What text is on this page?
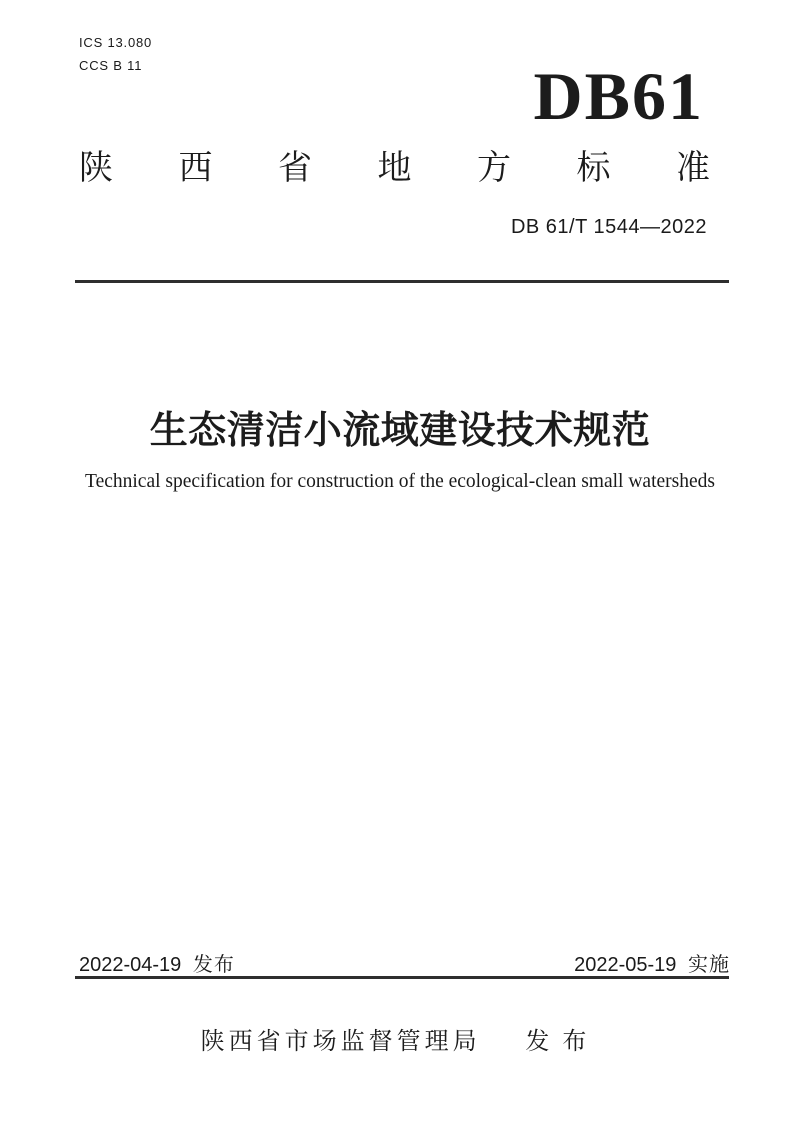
ICS 13.080
CCS B 11	DB61
陕 西 省 地 方 标 准
DB 61/T 1544—2022
生态清洁小流域建设技术规范
Technical specification for construction of the ecological-clean small watersheds
2022-04-19 发布	2022-05-19 实施
陕西省市场监督管理局 发布
